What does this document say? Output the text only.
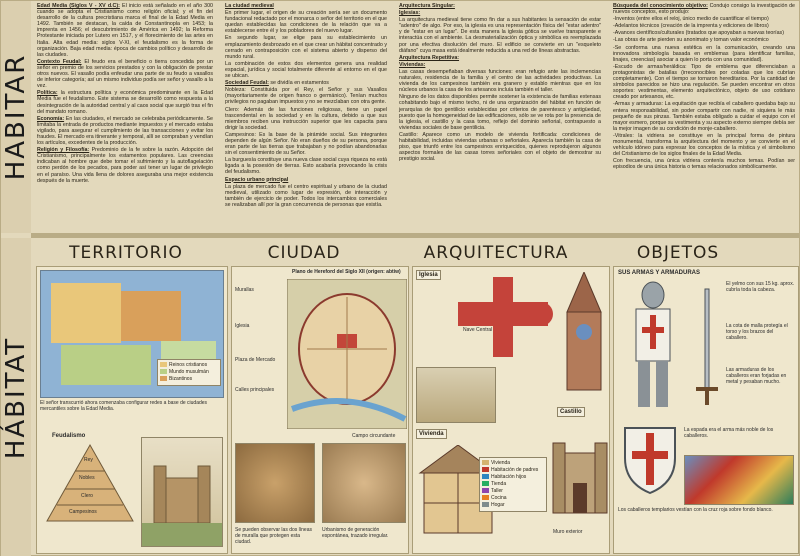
HABITAR
HÁBITAT

Edad Media (Siglos V - XV d.C): El inicio está señalado en el año 300 cuando se adopta el Cristianismo como religión oficial; y el fin del desarrollo de la cultura precristiana marca el final de la Edad Media en 1492. También se destacan, la caída de Constantinopla en 1453; la imprenta en 1456; el descubrimiento de América en 1492; la Reforma Protestante iniciada por Lutero en 1517, y el florecimiento de las artes en Italia. Alta edad media: siglos V-XI, el feudalismo es la forma de organización. Baja edad media: época de cambios político y desarrollo de las ciudades.

Contexto Feudal: El feudo era el beneficio o tierra concedida por un señor en premio de los servicios prestados y con la obligación de prestar otros nuevos. El vasallo podía enfeudar una parte de su feudo a vasallos de inferior categoría; así un mismo individuo podía ser señor y vasallo a la vez.

Política: la estructura política y económica predominante en la Edad Media fue el feudalismo. Este sistema se desarrolló como respuesta a la desintegración de la autoridad central y al caos social que surgió tras el fin del mandato romano.

Economía: En las ciudades, el mercado se celebraba periódicamente. Se limitaba la entrada de productos mediante impuestos y el mercado estaba vigilado, para asegurar el cumplimiento de las transacciones y evitar los fraudes. El mercado era itinerante y temporal, allí se compraban y vendían los artículos, excedentes de la producción.

Religión y Filosofía: Predominio de la fe sobre la razón. Adopción del Cristianismo, principalmente los estamentos populares. Las creencias indicaban al hombre que debe tomar el sufrimiento y la autoflagelación como perdón de los pecados, para poder así tener un lugar de privilegio en el paraíso. Una vida llena de dolores aseguraba una mejor existencia después de la muerte.

La ciudad medieval

En primer lugar, el origen de su creación sería ser un documento fundacional redactado por el monarca o señor del territorio en el que quedan establecidas las condiciones de la relación que va a establecerse entre él y los pobladores del nuevo lugar.

En segundo lugar, se elige para su establecimiento un emplazamiento desbrozado en el que crear un hábitat concentrado y cerrado en contraposición con el sistema abierto y disperso del mundo rural.

La combinación de estos dos elementos genera una realidad espacial, jurídica y social totalmente diferente al entorno en el que se ubican.

Sociedad Feudal: se dividía en estamentos

Nobleza: Constituida por el Rey, el Señor y sus Vasallos (mayoritariamente de origen franco o germánico). Tenían muchos privilegios no pagaban impuestos y no se mezclaban con otra gente.

Clero: Además de las funciones religiosas, tiene un papel trascendental en la sociedad y en la cultura, debido a que sus miembros reciben una instrucción superior que les capacita para dirigir la sociedad.

Campesinos: Es la base de la pirámide social. Sus integrantes dependen de algún Señor. No eran dueños de su persona, porque eran parte de las tierras que trabajaban y no podían abandonarlas sin el consentimiento de su Señor.

La burguesía constituye una nueva clase social cuya riqueza no está ligada a la posesión de tierras. Esto acabaría provocando la crisis del feudalismo.

Espacio urbano principal

La plaza de mercado fue el centro espiritual y urbano de la ciudad medieval, utilizado como lugar de expresión, de interacción y también de ejercicio de poder. Todos los intercambios comerciales se realizaban allí por la gran concurrencia de personas que existía.

Arquitectura Singular:

Iglesias:

La arquitectura medieval tiene como fin dar a sus habitantes la sensación de estar "adentro" de algo. Por eso, la iglesia es una representación física del "estar adentro" y de "estar en un lugar". De esta manera la iglesia gótica se vuelve transparente e interactúa con el ambiente. La desmaterialización óptica y simbólica es reemplazada por una efectiva disolución del muro. El edificio se convierte en un "esqueleto diáfano" cuya masa está idealmente reducida a una red de líneas abstractas.

Arquitectura Repetitiva:

Viviendas:

Las casas desempeñaban diversas funciones: eran refugio ante las inclemencias naturales, residencia de la familia y el centro de las actividades productivas. La vivienda de los campesinos también era granero y establo mientras que en los núcleos urbanos la casa de los artesanos incluía también el taller.

Ninguno de los datos disponibles permite sostener la existencia de familias extensas cohabitando bajo el mismo techo, ni de una organización del hábitat en función de jerarquías de tipo gentilicio establecidas por criterios de parentesco y antigüedad, puesto que la homogeneidad de las edificaciones, sólo se ve rota por la presencia de la iglesia, el castillo y la casa tomo, reflejo del dominio señorial, contrapuesto a viviendas sociales de base gentilicia.

Castillo: Aparece como un modelo de vivienda fortificada: condiciones de habitabilidad, incluidas viviendas urbanas o señoriales. Aparecía también la casa de piso, que triunfó entre los campesinos enriquecidos, quienes reprodujeron algunos aspectos formales de las casas torres señoriales con el objeto de demostrar su prestigio social.

Búsqueda del conocimiento objetivo: Condujo consigo la investigación de nuevos conceptos, esto produjo:

-Inventos (entre ellos el reloj, único medio de cuantificar el tiempo)

-Adelantos técnicos (creación de la imprenta y ediciones de libros)

-Avances científicos/culturales (tratados que apoyaban a nuevas teorías)

-Las obras de arte pierden su anonimato y toman valor económico

-Se conforma una nueva estética en la comunicación, creando una innovadora simbología basada en emblemas (para identificar familias, linajes, creencias) asociar a quien lo porta con una comunidad).

-Escudo de armas/heráldica: Tipo de emblema que diferenciaban a protagonistas de batallas (irreconocibles por coladas que los cubrían completamente). Con el tiempo se tornaron hereditarios. Por la cantidad de símbolos parecidos se hizo una regulación. Se pueden encontrar en otros soportes: vestimentas, elemento arquitectónico, objeto de uso cotidiano creado por artesanos, etc.

-Armas y armaduras: La equitación que recibía el caballero quedaba bajo su entera responsabilidad, sin poder compartir con nadie, ni siquiera le más pequeño de sus pinzas. También estaba obligado a cuidar el equipo con el mayor esmero, porque su vestimenta y su aspecto externo siempre debía ser la mejor imagen de su condición de monje-caballero.

-Vitrales: la vidriera se constituye en la principal forma de pintura monumental, transforma la arquitectura del momento y se convierte en el vehículo idóneo para expresar los conceptos de la mística y el simbolismo del Cristianismo de los siglos finales de la Edad Media.

Con frecuencia, una única vidriera contenía muchos temas. Podían ser episodios de una única historia o temas relacionados simbólicamente.

TERRITORIO	CIUDAD	ARQUITECTURA	OBJETOS
Reinos cristianos
Mundo musulmán
Bizantinos
El señor transcurrió ahora comenzaba configurar redes a base de ciudades mercantiles sobre la Edad Media.
Feudalismo
Rey
Nobles
Clero
Campesinos
Plano de Hereford del Siglo XII (origen: abtiw)
Murallas
Iglesia
Plaza de Mercado
Calles principales
Campo circundante
Se pueden observar las dos líneas de muralla que protegen esta ciudad.
Urbanismo de generación espontánea, trazado irregular.
Iglesia
Nave Central
Vivienda
Vivienda
Habitación de padres
Habitación hijos
Tienda
Taller
Cocina
Hogar
Castillo
Muro exterior
SUS ARMAS Y ARMADURAS
El yelmo con sus 15 kg. aprox. cubría toda la cabeza.
La cota de malla protegía el torso y los brazos del caballero.
Las armaduras de los caballeros eran forjadas en metal y pesaban mucho.
La espada era el arma más noble de los caballeros.
Los caballeros templarios vestían con la cruz roja sobre fondo blanco.
